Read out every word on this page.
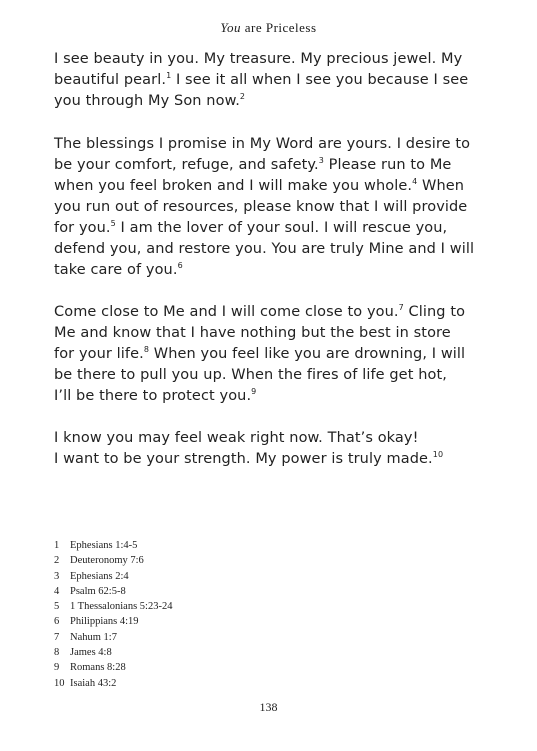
You are Priceless
I see beauty in you. My treasure. My precious jewel. My
beautiful pearl.$^1$ I see it all when I see you because I see
you through My Son now.$^2$
The blessings I promise in My Word are yours. I desire to
be your comfort, refuge, and safety.$^3$ Please run to Me
when you feel broken and I will make you whole.$^4$ When
you run out of resources, please know that I will provide
for you.$^5$ I am the lover of your soul. I will rescue you,
defend you, and restore you. You are truly Mine and I will
take care of you.$^6$
Come close to Me and I will come close to you.$^7$ Cling to
Me and know that I have nothing but the best in store
for your life.$^8$ When you feel like you are drowning, I will
be there to pull you up. When the fires of life get hot,
I’ll be there to protect you.$^9$
I know you may feel weak right now. That’s okay!
I want to be your strength. My power is truly made.$^{10}$
1 Ephesians 1:4-5
2 Deuteronomy 7:6
3 Ephesians 2:4
4 Psalm 62:5-8
5 1 Thessalonians 5:23-24
6 Philippians 4:19
7 Nahum 1:7
8 James 4:8
9 Romans 8:28
10 Isaiah 43:2
138
